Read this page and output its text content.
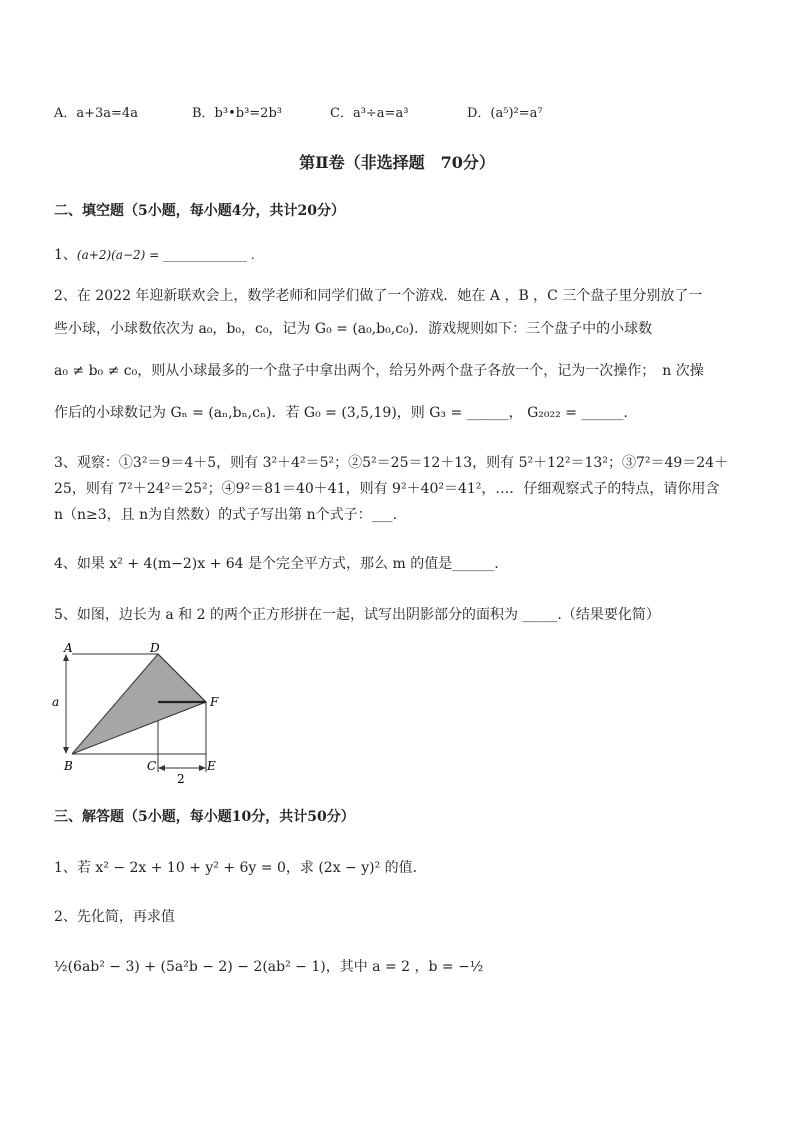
A．a+3a=4a	B．b³•b³=2b³	C．a³÷a=a³	D．(a⁵)²=a⁷
第Ⅱ卷（非选择题　70分）
二、填空题（5小题，每小题4分，共计20分）
1、(a+2)(a−2) = ______________ .
2、在 2022 年迎新联欢会上，数学老师和同学们做了一个游戏．她在 A ，B ，C 三个盘子里分别放了一
些小球，小球数依次为 a₀，b₀，c₀，记为 G₀ = (a₀,b₀,c₀)．游戏规则如下：三个盘子中的小球数
a₀ ≠ b₀ ≠ c₀，则从小球最多的一个盘子中拿出两个，给另外两个盘子各放一个，记为一次操作；　n 次操
作后的小球数记为 Gₙ = (aₙ,bₙ,cₙ)．若 G₀ = (3,5,19)，则 G₃ = ______， G₂₀₂₂ = ______.
3、观察：①3²＝9＝4＋5，则有 3²＋4²＝5²；②5²＝25＝12＋13，则有 5²＋12²＝13²；③7²＝49＝24＋
25，则有 7²＋24²＝25²；④9²＝81＝40＋41，则有 9²＋40²＝41²，…．仔细观察式子的特点，请你用含
n（n≥3，且 n为自然数）的式子写出第 n个式子：___.
4、如果 x² + 4(m−2)x + 64 是个完全平方式，那么 m 的值是______.
5、如图，边长为 a 和 2 的两个正方形拼在一起，试写出阴影部分的面积为 _____.（结果要化简）
A	D
a	F
B	C	E
2
三、解答题（5小题，每小题10分，共计50分）
1、若 x² − 2x + 10 + y² + 6y = 0，求 (2x − y)² 的值．
2、先化简，再求值
½(6ab² − 3) + (5a²b − 2) − 2(ab² − 1)，其中 a = 2 ，b = −½
